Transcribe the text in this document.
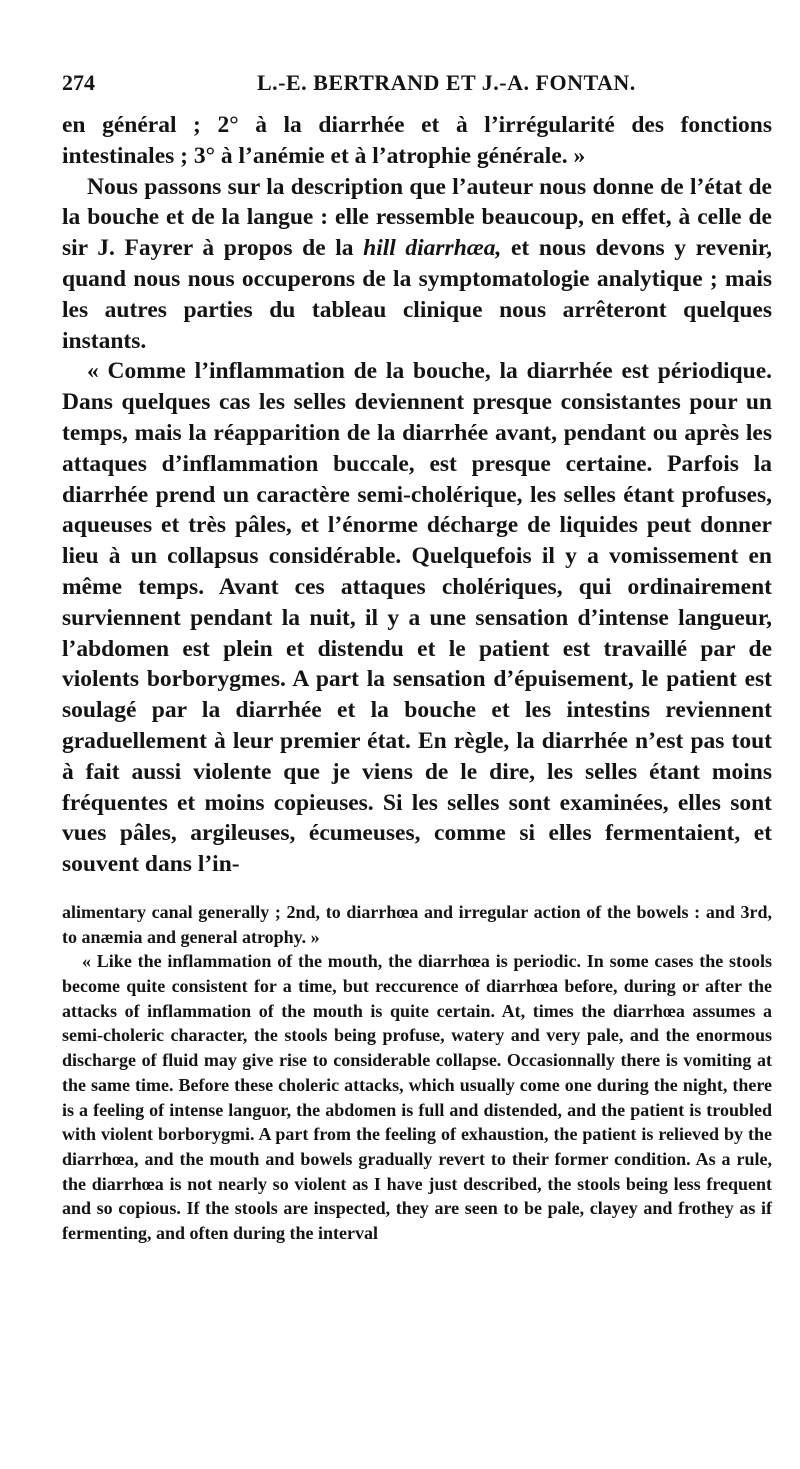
274	L.-E. BERTRAND ET J.-A. FONTAN.

en général ; 2° à la diarrhée et à l’irrégularité des fonctions intestinales ; 3° à l’anémie et à l’atrophie générale. »

Nous passons sur la description que l’auteur nous donne de l’état de la bouche et de la langue : elle ressemble beaucoup, en effet, à celle de sir J. Fayrer à propos de la hill diarrhæa, et nous devons y revenir, quand nous nous occuperons de la symptomatologie analytique ; mais les autres parties du tableau clinique nous arrêteront quelques instants.

« Comme l’inflammation de la bouche, la diarrhée est périodique. Dans quelques cas les selles deviennent presque consistantes pour un temps, mais la réapparition de la diarrhée avant, pendant ou après les attaques d’inflammation buccale, est presque certaine. Parfois la diarrhée prend un caractère semi-cholérique, les selles étant profuses, aqueuses et très pâles, et l’énorme décharge de liquides peut donner lieu à un collapsus considérable. Quelquefois il y a vomissement en même temps. Avant ces attaques cholériques, qui ordinairement surviennent pendant la nuit, il y a une sensation d’intense langueur, l’abdomen est plein et distendu et le patient est travaillé par de violents borborygmes. A part la sensation d’épuisement, le patient est soulagé par la diarrhée et la bouche et les intestins reviennent graduellement à leur premier état. En règle, la diarrhée n’est pas tout à fait aussi violente que je viens de le dire, les selles étant moins fréquentes et moins copieuses. Si les selles sont examinées, elles sont vues pâles, argileuses, écumeuses, comme si elles fermentaient, et souvent dans l’in-

alimentary canal generally ; 2nd, to diarrhœa and irregular action of the bowels : and 3rd, to anæmia and general atrophy. »

« Like the inflammation of the mouth, the diarrhœa is periodic. In some cases the stools become quite consistent for a time, but reccurence of diarrhœa before, during or after the attacks of inflammation of the mouth is quite certain. At, times the diarrhœa assumes a semi-choleric character, the stools being profuse, watery and very pale, and the enormous discharge of fluid may give rise to considerable collapse. Occasionnally there is vomiting at the same time. Before these choleric attacks, which usually come one during the night, there is a feeling of intense languor, the abdomen is full and distended, and the patient is troubled with violent borborygmi. A part from the feeling of exhaustion, the patient is relieved by the diarrhœa, and the mouth and bowels gradually revert to their former condition. As a rule, the diarrhœa is not nearly so violent as I have just described, the stools being less frequent and so copious. If the stools are inspected, they are seen to be pale, clayey and frothey as if fermenting, and often during the interval
